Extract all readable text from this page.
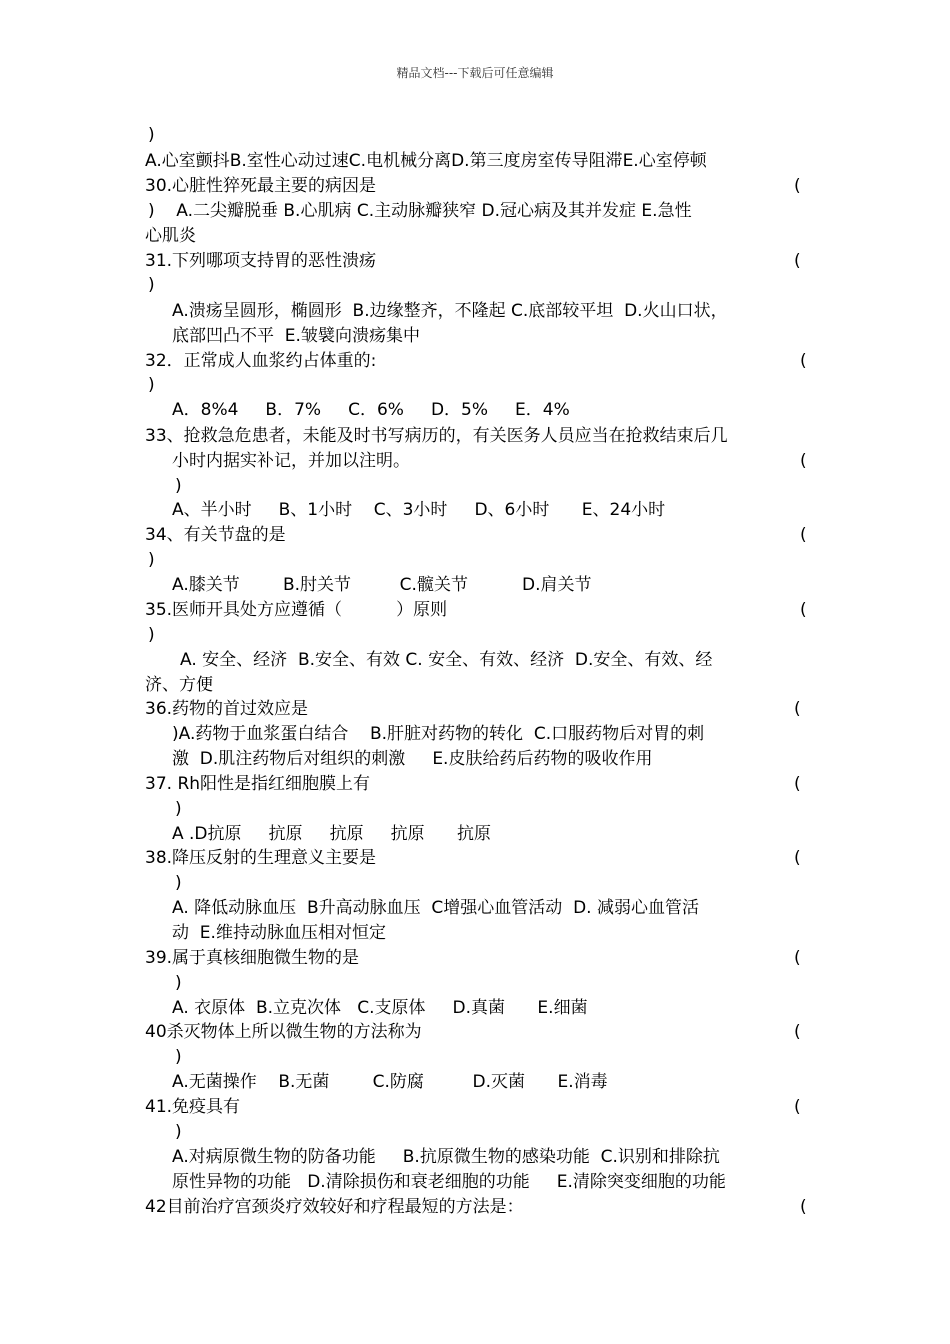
精品文档---下载后可任意编辑
)
A.心室颤抖B.室性心动过速C.电机械分离D.第三度房室传导阻滞E.心室停顿
30.心脏性猝死最主要的病因是	(
)    A.二尖瓣脱垂 B.心肌病 C.主动脉瓣狭窄 D.冠心病及其并发症 E.急性
心肌炎
31.下列哪项支持胃的恶性溃疡	(
)
A.溃疡呈圆形，椭圆形  B.边缘整齐，不隆起 C.底部较平坦  D.火山口状，
底部凹凸不平  E.皱襞向溃疡集中
32．正常成人血浆约占体重的:	(
)
A．8%4     B．7%     C．6%     D．5%     E．4%
33、抢救急危患者，未能及时书写病历的，有关医务人员应当在抢救结束后几
小时内据实补记，并加以注明。	(
)
A、半小时     B、1小时    C、3小时     D、6小时      E、24小时
34、有关节盘的是	(
)
A.膝关节        B.肘关节         C.髋关节          D.肩关节
35.医师开具处方应遵循（          ）原则	(
)
A. 安全、经济  B.安全、有效 C. 安全、有效、经济  D.安全、有效、经
济、方便
36.药物的首过效应是	(
)A.药物于血浆蛋白结合    B.肝脏对药物的转化  C.口服药物后对胃的刺
激  D.肌注药物后对组织的刺激     E.皮肤给药后药物的吸收作用
37. Rh阳性是指红细胞膜上有	(
)
A .D抗原     抗原     抗原     抗原      抗原
38.降压反射的生理意义主要是	(
)
A. 降低动脉血压  B升高动脉血压  C增强心血管活动  D. 减弱心血管活
动  E.维持动脉血压相对恒定
39.属于真核细胞微生物的是	(
)
A. 衣原体  B.立克次体   C.支原体     D.真菌      E.细菌
40杀灭物体上所以微生物的方法称为	(
)
A.无菌操作    B.无菌        C.防腐         D.灭菌      E.消毒
41.免疫具有	(
)
A.对病原微生物的防备功能     B.抗原微生物的感染功能  C.识别和排除抗
原性异物的功能   D.清除损伤和衰老细胞的功能     E.清除突变细胞的功能
42目前治疗宫颈炎疗效较好和疗程最短的方法是：	(
